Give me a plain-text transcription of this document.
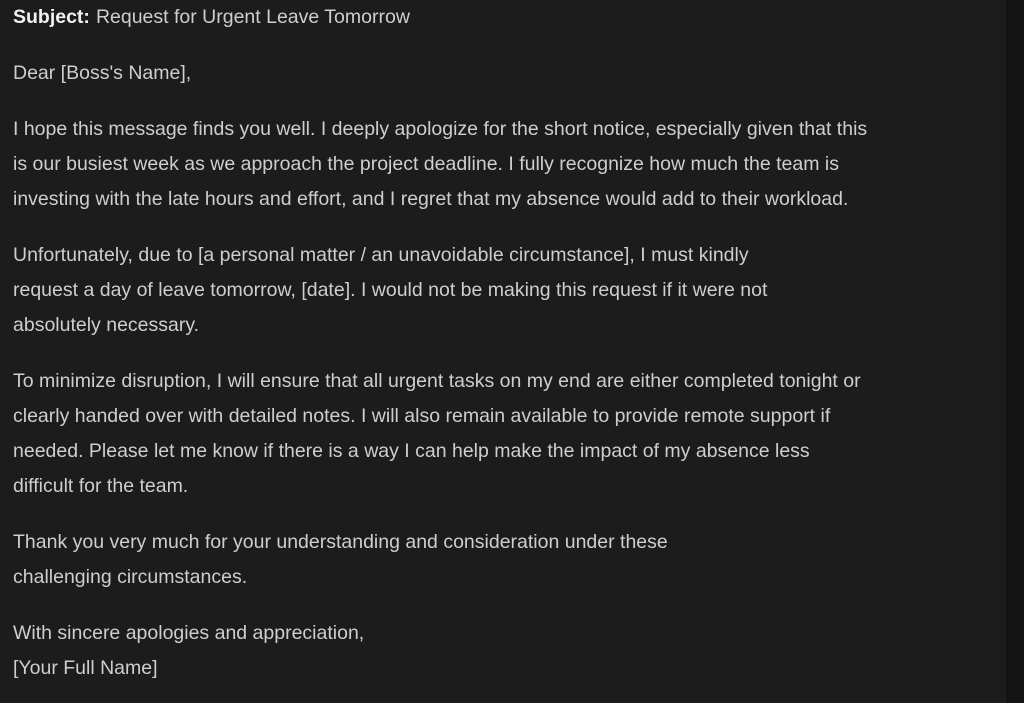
Subject: Request for Urgent Leave Tomorrow
Dear [Boss's Name],
I hope this message finds you well. I deeply apologize for the short notice, especially given that this
is our busiest week as we approach the project deadline. I fully recognize how much the team is
investing with the late hours and effort, and I regret that my absence would add to their workload.
Unfortunately, due to [a personal matter / an unavoidable circumstance], I must kindly
request a day of leave tomorrow, [date]. I would not be making this request if it were not
absolutely necessary.
To minimize disruption, I will ensure that all urgent tasks on my end are either completed tonight or
clearly handed over with detailed notes. I will also remain available to provide remote support if
needed. Please let me know if there is a way I can help make the impact of my absence less
difficult for the team.
Thank you very much for your understanding and consideration under these
challenging circumstances.
With sincere apologies and appreciation,
[Your Full Name]
